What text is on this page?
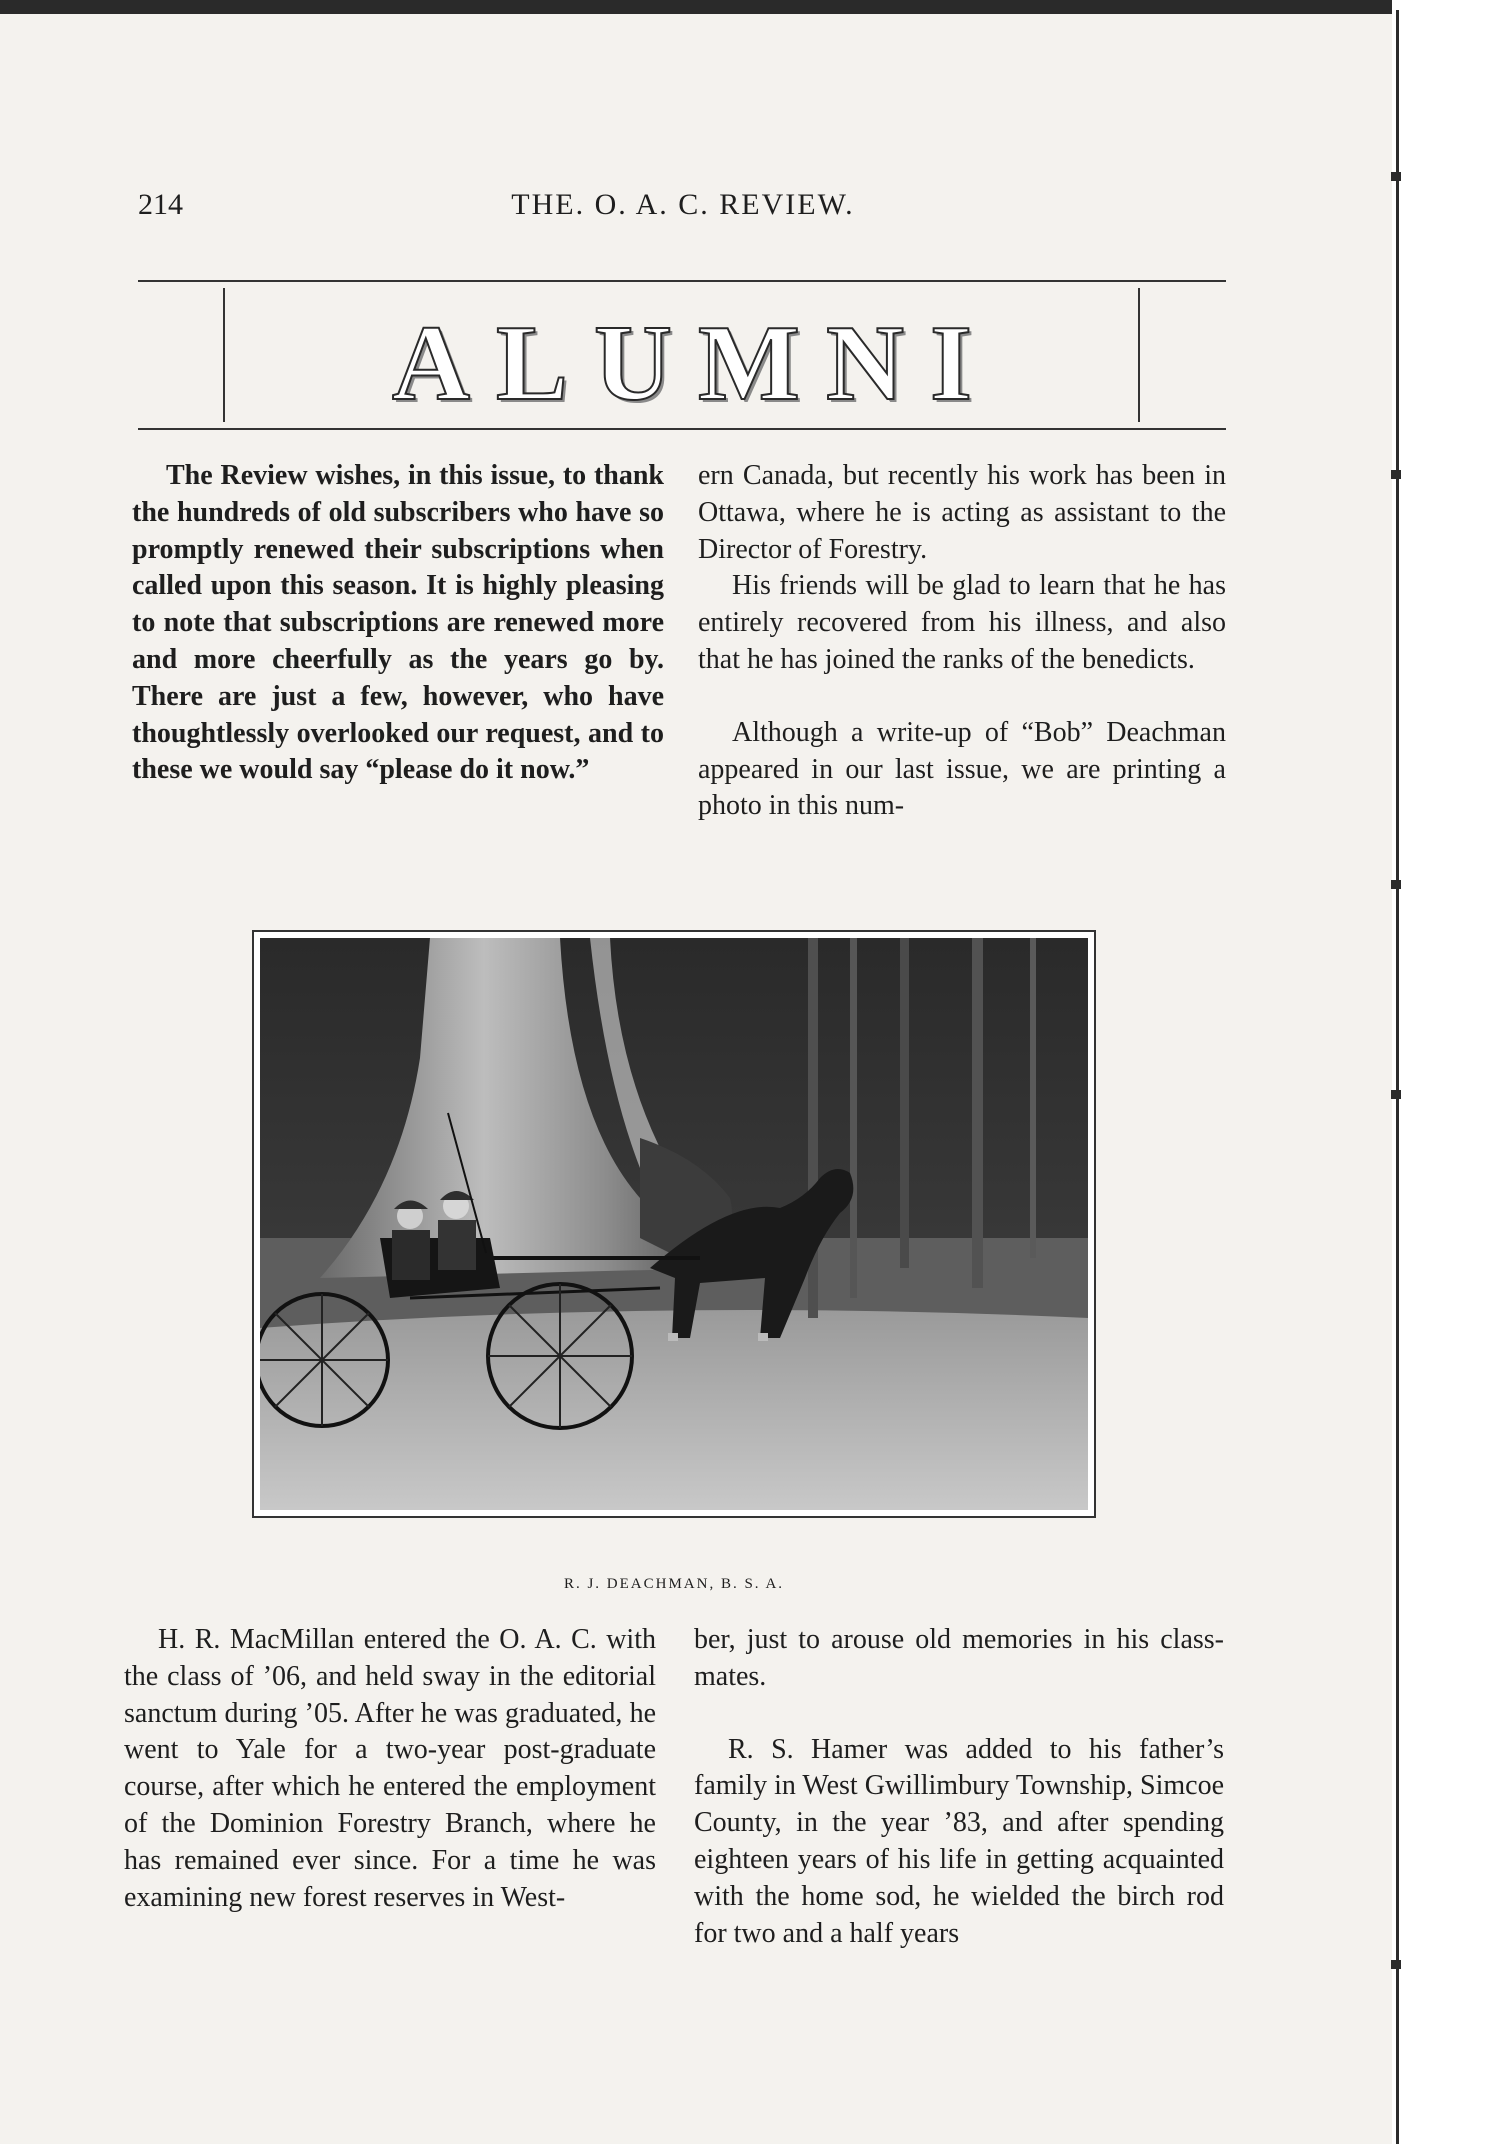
214	THE. O. A. C. REVIEW.
ALUMNI

The Review wishes, in this issue, to thank the hundreds of old subscribers who have so promptly renewed their subscriptions when called upon this season. It is highly pleasing to note that subscriptions are renewed more and more cheerfully as the years go by. There are just a few, however, who have thoughtlessly overlooked our request, and to these we would say “please do it now.”

ern Canada, but recently his work has been in Ottawa, where he is acting as assistant to the Director of Forestry.

His friends will be glad to learn that he has entirely recovered from his illness, and also that he has joined the ranks of the benedicts.

Although a write-up of “Bob” Deachman appeared in our last issue, we are printing a photo in this num-

R. J. DEACHMAN, B. S. A.

H. R. MacMillan entered the O. A. C. with the class of ’06, and held sway in the editorial sanctum during ’05. After he was graduated, he went to Yale for a two-year post-graduate course, after which he entered the employment of the Dominion Forestry Branch, where he has remained ever since. For a time he was examining new forest reserves in West-

ber, just to arouse old memories in his class-mates.

R. S. Hamer was added to his father’s family in West Gwillimbury Township, Simcoe County, in the year ’83, and after spending eighteen years of his life in getting acquainted with the home sod, he wielded the birch rod for two and a half years
